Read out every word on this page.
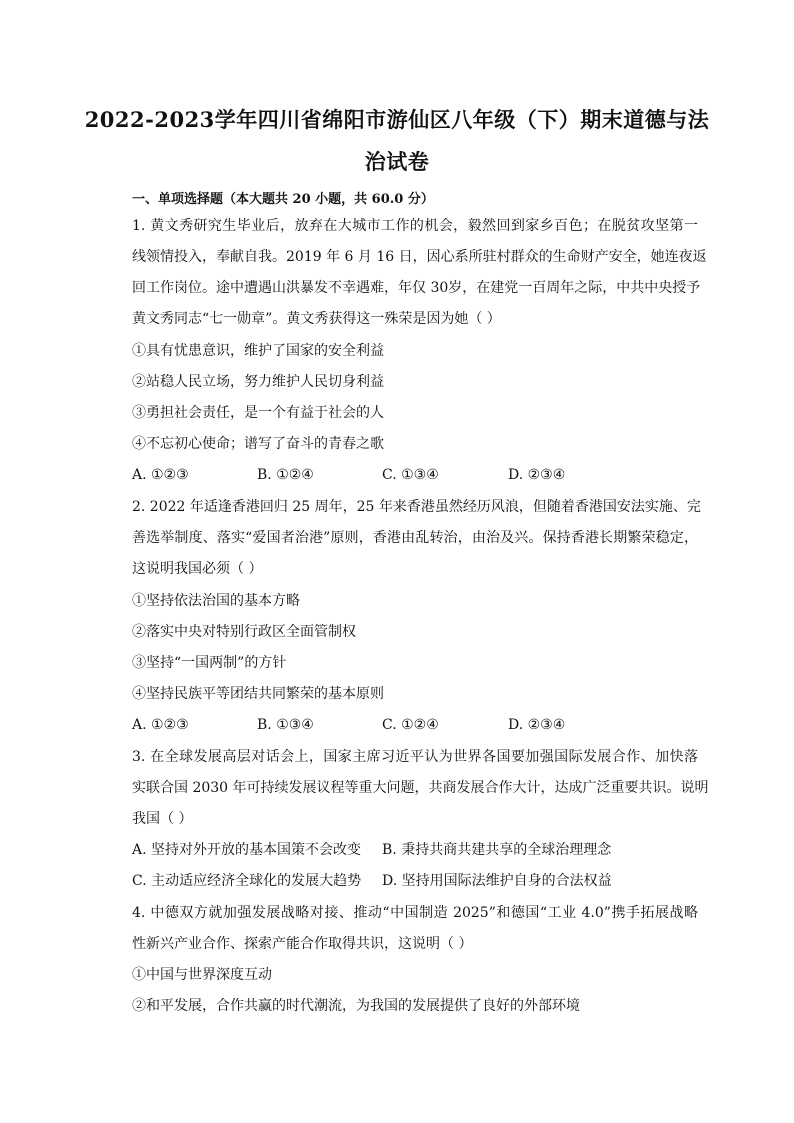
2022-2023学年四川省绵阳市游仙区八年级（下）期末道德与法
治试卷
一、单项选择题（本大题共 20 小题，共 60.0 分）
1. 黄文秀研究生毕业后，放弃在大城市工作的机会，毅然回到家乡百色；在脱贫攻坚第一
线领情投入，奉献自我。2019 年 6 月 16 日，因心系所驻村群众的生命财产安全，她连夜返
回工作岗位。途中遭遇山洪暴发不幸遇难，年仅 30岁，在建党一百周年之际，中共中央授予
黄文秀同志“七一勋章”。黄文秀获得这一殊荣是因为她（ ）
①具有忧患意识，维护了国家的安全利益
②站稳人民立场，努力维护人民切身利益
③勇担社会责任，是一个有益于社会的人
④不忘初心使命；谱写了奋斗的青春之歌
A. ①②③	B. ①②④	C. ①③④	D. ②③④
2. 2022 年适逢香港回归 25 周年，25 年来香港虽然经历风浪，但随着香港国安法实施、完
善选举制度、落实“爱国者治港”原则，香港由乱转治，由治及兴。保持香港长期繁荣稳定，
这说明我国必须（ ）
①坚持依法治国的基本方略
②落实中央对特别行政区全面管制权
③坚持“一国两制”的方针
④坚持民族平等团结共同繁荣的基本原则
A. ①②③	B. ①③④	C. ①②④	D. ②③④
3. 在全球发展高层对话会上，国家主席习近平认为世界各国要加强国际发展合作、加快落
实联合国 2030 年可持续发展议程等重大问题，共商发展合作大计，达成广泛重要共识。说明
我国（ ）
A. 坚持对外开放的基本国策不会改变 B. 秉持共商共建共享的全球治理理念
C. 主动适应经济全球化的发展大趋势 D. 坚持用国际法维护自身的合法权益
4. 中德双方就加强发展战略对接、推动“中国制造 2025”和德国“工业 4.0”携手拓展战略
性新兴产业合作、探索产能合作取得共识，这说明（ ）
①中国与世界深度互动
②和平发展，合作共赢的时代潮流，为我国的发展提供了良好的外部环境
